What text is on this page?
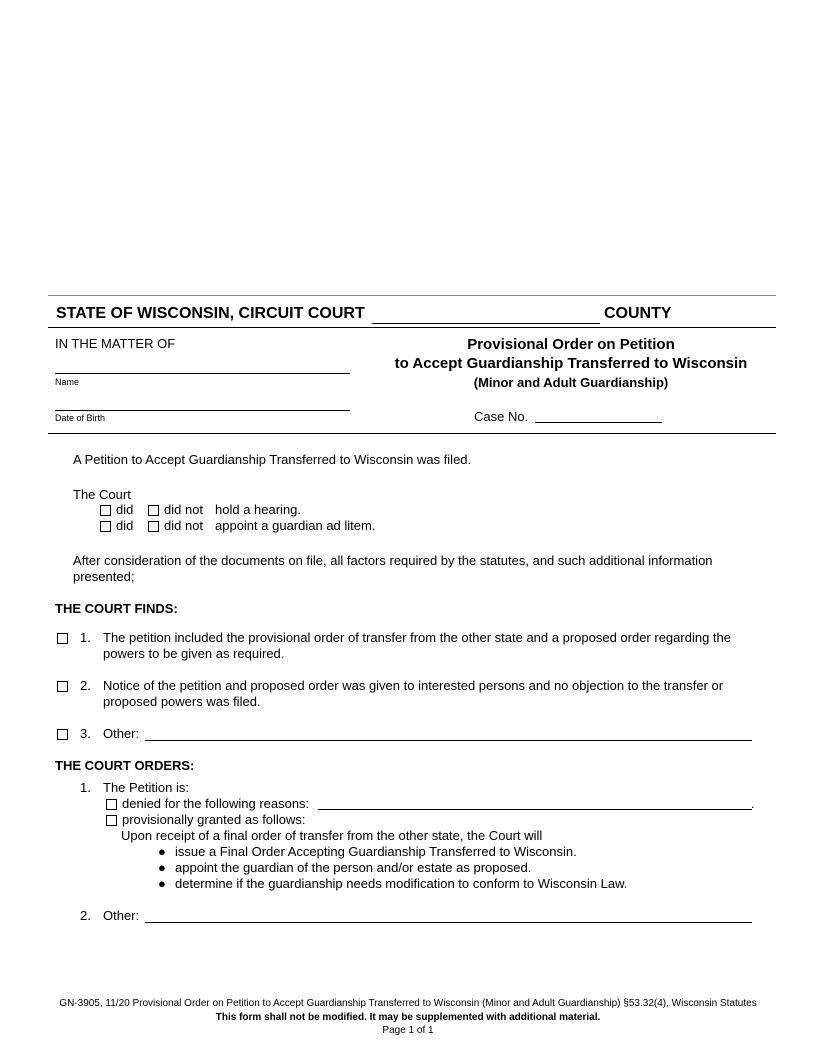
STATE OF WISCONSIN, CIRCUIT COURT	COUNTY
IN THE MATTER OF
Name
Date of Birth
Provisional Order on Petition
to Accept Guardianship Transferred to Wisconsin
(Minor and Adult Guardianship)
Case No.
A Petition to Accept Guardianship Transferred to Wisconsin was filed.
The Court
did did not hold a hearing.
did did not appoint a guardian ad litem.
After consideration of the documents on file, all factors required by the statutes, and such additional information
presented;
THE COURT FINDS:
1. The petition included the provisional order of transfer from the other state and a proposed order regarding the
powers to be given as required.
2. Notice of the petition and proposed order was given to interested persons and no objection to the transfer or
proposed powers was filed.
3. Other:
THE COURT ORDERS:
1. The Petition is:
denied for the following reasons:	.
provisionally granted as follows:
Upon receipt of a final order of transfer from the other state, the Court will
● issue a Final Order Accepting Guardianship Transferred to Wisconsin.
● appoint the guardian of the person and/or estate as proposed.
● determine if the guardianship needs modification to conform to Wisconsin Law.
2. Other:
GN-3905, 11/20 Provisional Order on Petition to Accept Guardianship Transferred to Wisconsin (Minor and Adult Guardianship) §53.32(4), Wisconsin Statutes
This form shall not be modified. It may be supplemented with additional material.
Page 1 of 1
